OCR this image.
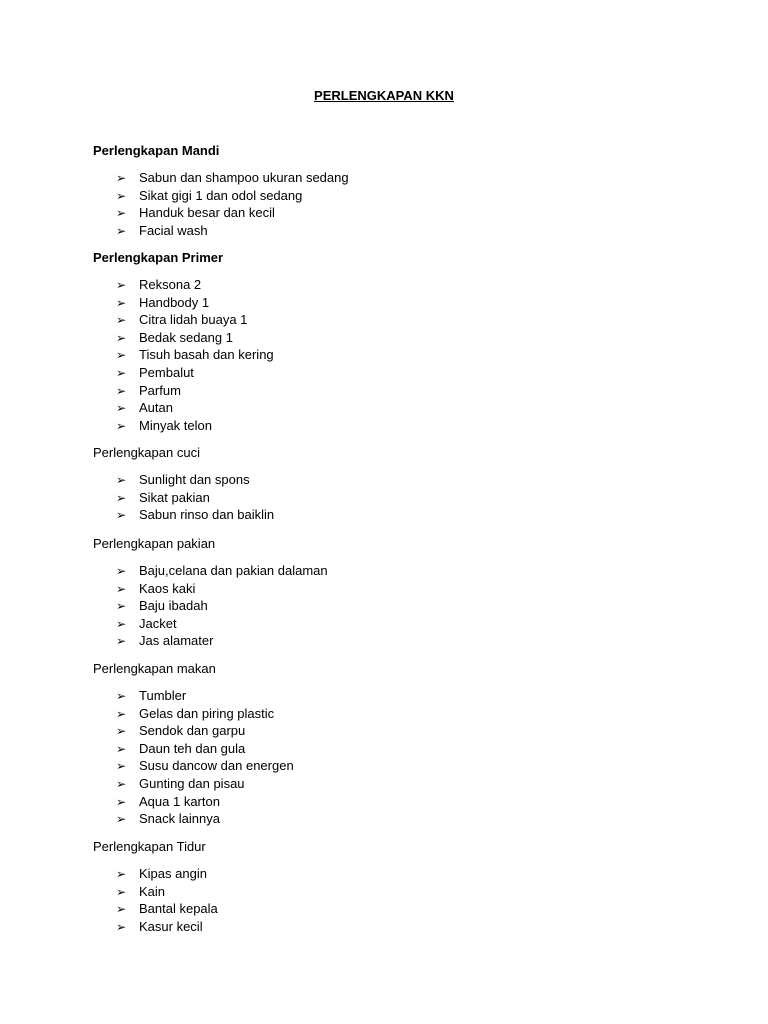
PERLENGKAPAN KKN
Perlengkapan Mandi
➢ Sabun dan shampoo ukuran sedang
➢ Sikat gigi 1 dan odol sedang
➢ Handuk besar dan kecil
➢ Facial wash
Perlengkapan Primer
➢ Reksona 2
➢ Handbody 1
➢ Citra lidah buaya 1
➢ Bedak sedang 1
➢ Tisuh basah dan kering
➢ Pembalut
➢ Parfum
➢ Autan
➢ Minyak telon
Perlengkapan cuci
➢ Sunlight dan spons
➢ Sikat pakian
➢ Sabun rinso dan baiklin
Perlengkapan pakian
➢ Baju,celana dan pakian dalaman
➢ Kaos kaki
➢ Baju ibadah
➢ Jacket
➢ Jas alamater
Perlengkapan makan
➢ Tumbler
➢ Gelas dan piring plastic
➢ Sendok dan garpu
➢ Daun teh dan gula
➢ Susu dancow dan energen
➢ Gunting dan pisau
➢ Aqua 1 karton
➢ Snack lainnya
Perlengkapan Tidur
➢ Kipas angin
➢ Kain
➢ Bantal kepala
➢ Kasur kecil
